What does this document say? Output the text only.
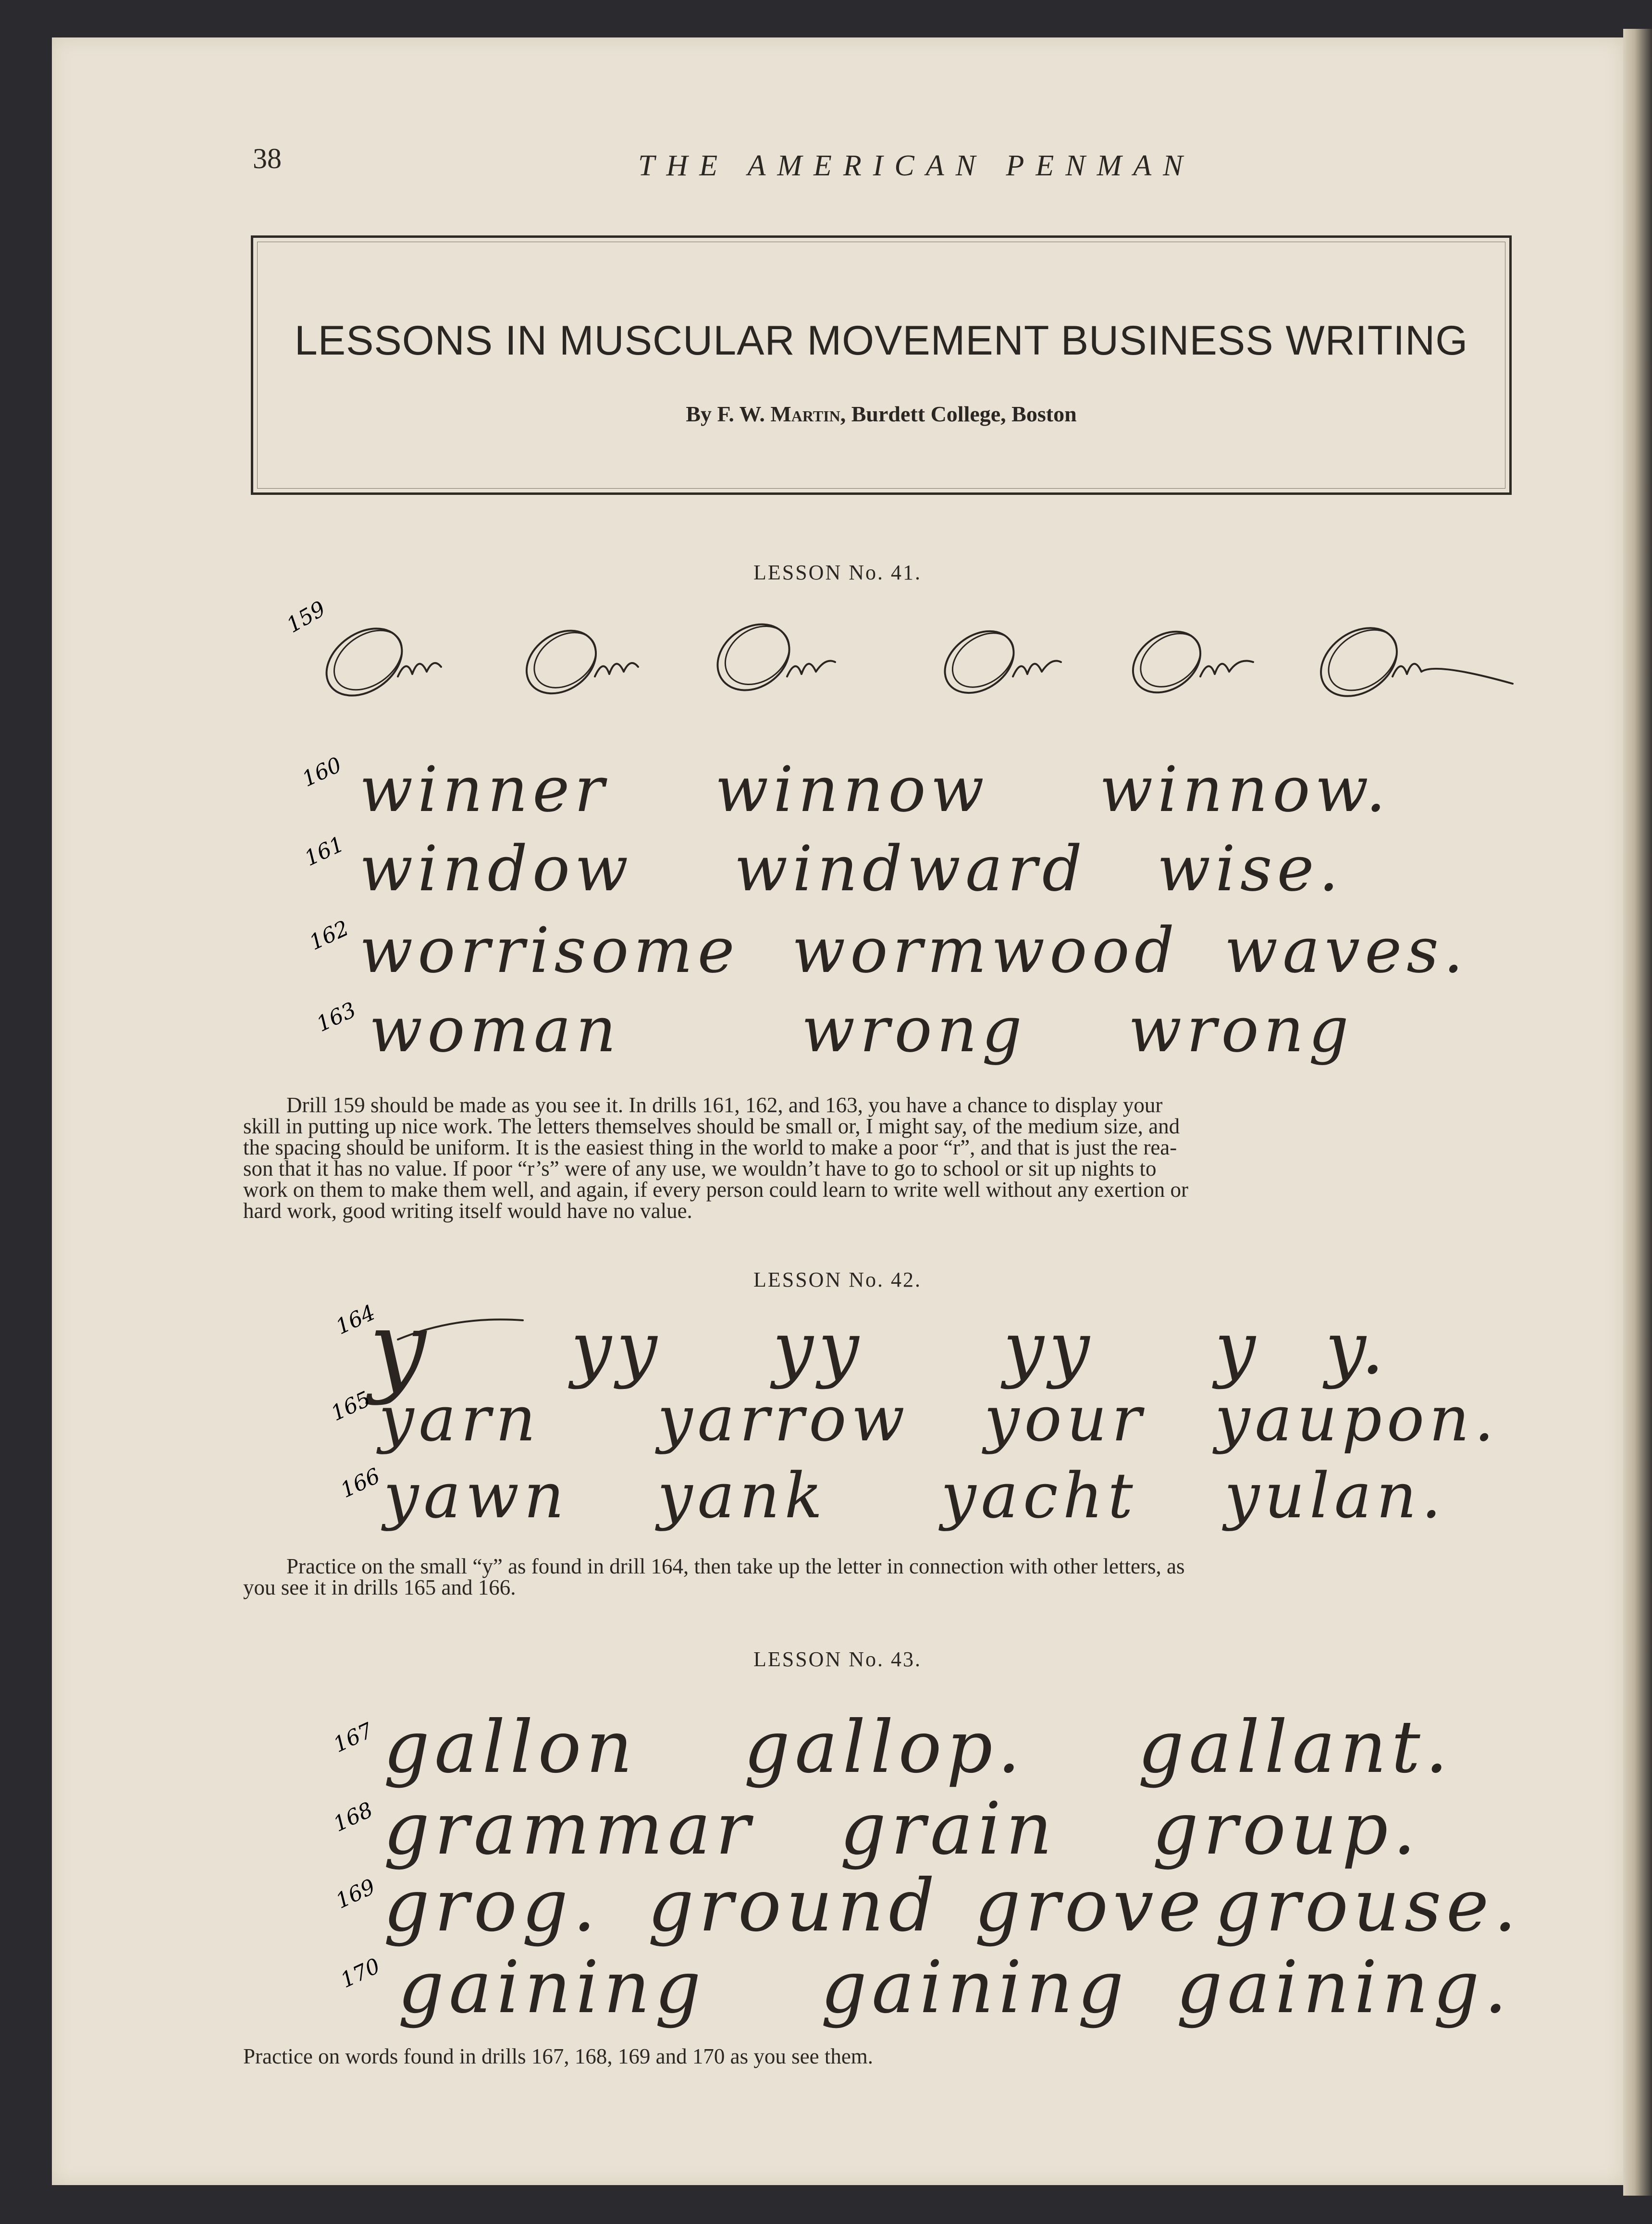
38	THE AMERICAN PENMAN
LESSONS IN MUSCULAR MOVEMENT BUSINESS WRITING
By F. W. Martin, Burdett College, Boston
LESSON No. 41.
159
160 winner winnow winnow.
161 window windward wise.
162 worrisome wormwood waves.
163 woman	wrong wrong
164
y yy yy yy y y.
165 yarn yarrow your yaupon.
166 yawn yank yacht yulan.
167 gallon gallop. gallant.
168 grammar grain group.
169 grog. ground grove grouse.
170 gaining gaining gaining.
Drill 159 should be made as you see it. In drills 161, 162, and 163, you have a chance to display your
skill in putting up nice work. The letters themselves should be small or, I might say, of the medium size, and
the spacing should be uniform. It is the easiest thing in the world to make a poor “r”, and that is just the rea-
son that it has no value. If poor “r’s” were of any use, we wouldn’t have to go to school or sit up nights to
work on them to make them well, and again, if every person could learn to write well without any exertion or
hard work, good writing itself would have no value.
LESSON No. 42.
Practice on the small “y” as found in drill 164, then take up the letter in connection with other letters, as
you see it in drills 165 and 166.
LESSON No. 43.
Practice on words found in drills 167, 168, 169 and 170 as you see them.
